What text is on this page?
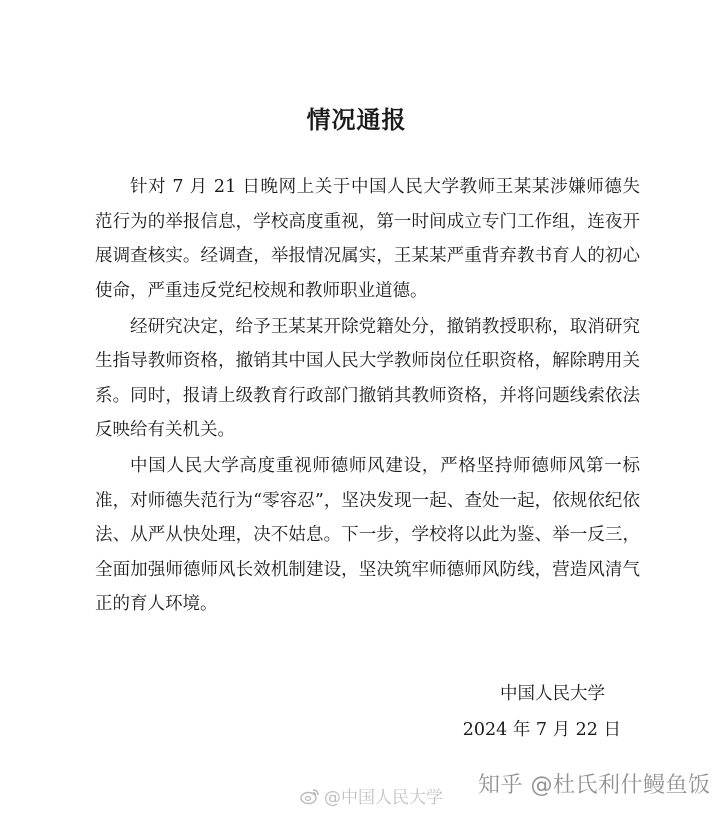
情况通报

针对 7 月 21 日晚网上关于中国人民大学教师王某某涉嫌师德失范行为的举报信息，学校高度重视，第一时间成立专门工作组，连夜开展调查核实。经调查，举报情况属实，王某某严重背弃教书育人的初心使命，严重违反党纪校规和教师职业道德。

经研究决定，给予王某某开除党籍处分，撤销教授职称，取消研究生指导教师资格，撤销其中国人民大学教师岗位任职资格，解除聘用关系。同时，报请上级教育行政部门撤销其教师资格，并将问题线索依法反映给有关机关。

中国人民大学高度重视师德师风建设，严格坚持师德师风第一标准，对师德失范行为“零容忍”，坚决发现一起、查处一起，依规依纪依法、从严从快处理，决不姑息。下一步，学校将以此为鉴、举一反三，全面加强师德师风长效机制建设，坚决筑牢师德师风防线，营造风清气正的育人环境。

中国人民大学
2024 年 7 月 22 日
@中国人民大学 知乎 @杜氏利什鳗鱼饭
